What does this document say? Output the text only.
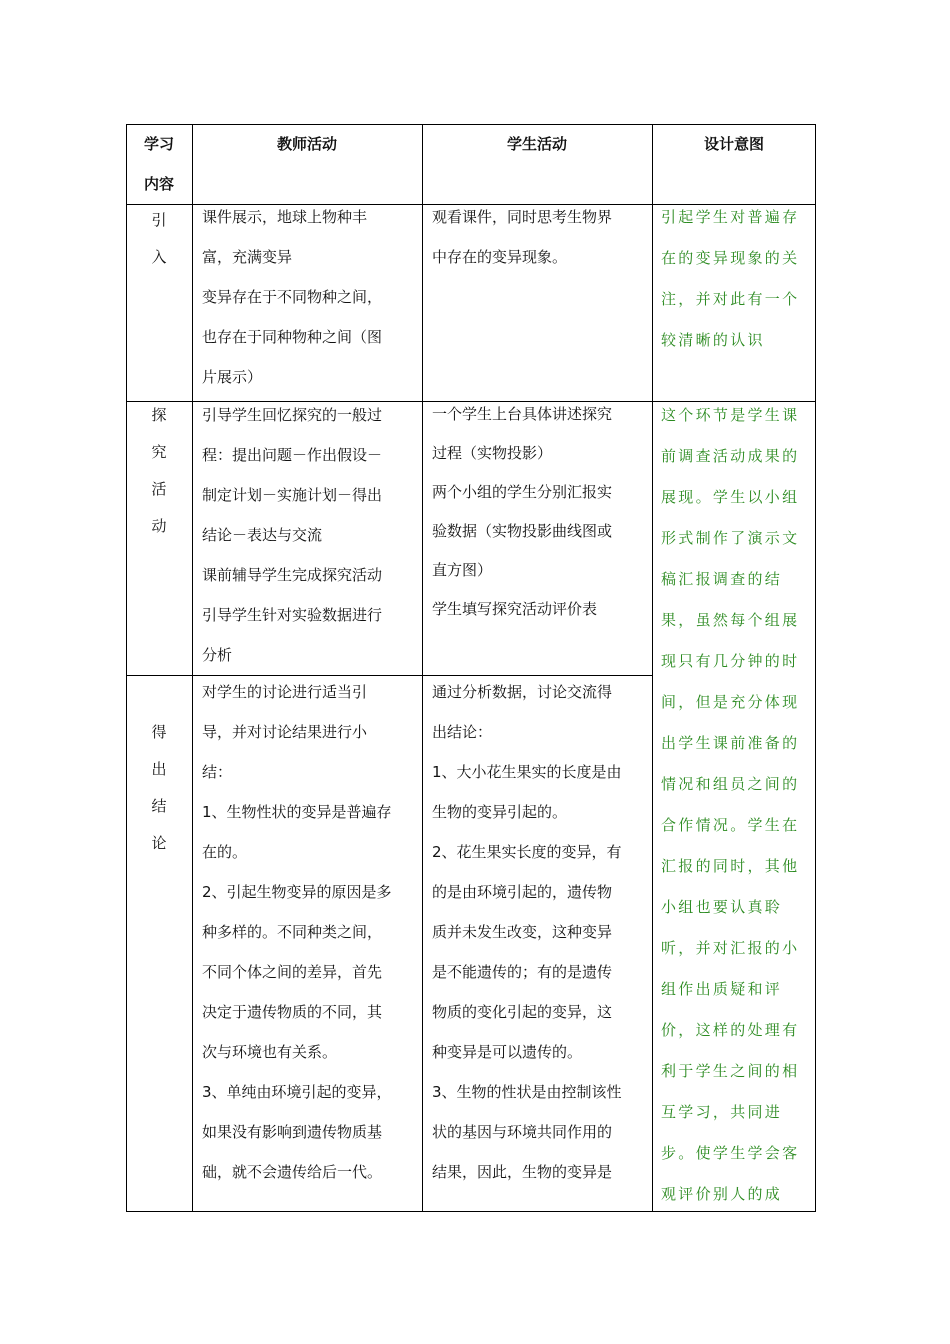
学习
内容
教师活动	学生活动	设计意图
引
入
课件展示，地球上物种丰
富，充满变异
变异存在于不同物种之间，
也存在于同种物种之间（图
片展示）
观看课件，同时思考生物界
中存在的变异现象。
引起学生对普遍存
在的变异现象的关
注，并对此有一个
较清晰的认识
探
究
活
动
引导学生回忆探究的一般过
程：提出问题－作出假设－
制定计划－实施计划－得出
结论－表达与交流
课前辅导学生完成探究活动
引导学生针对实验数据进行
分析
一个学生上台具体讲述探究
过程（实物投影）
两个小组的学生分别汇报实
验数据（实物投影曲线图或
直方图）
学生填写探究活动评价表
这个环节是学生课
前调查活动成果的
展现。学生以小组
形式制作了演示文
稿汇报调查的结
果，虽然每个组展
现只有几分钟的时
间，但是充分体现
出学生课前准备的
情况和组员之间的
合作情况。学生在
汇报的同时，其他
小组也要认真聆
听，并对汇报的小
组作出质疑和评
价，这样的处理有
利于学生之间的相
互学习，共同进
步。使学生学会客
观评价别人的成
得
出
结
论
对学生的讨论进行适当引
导，并对讨论结果进行小
结：
1、生物性状的变异是普遍存
在的。
2、引起生物变异的原因是多
种多样的。不同种类之间，
不同个体之间的差异，首先
决定于遗传物质的不同，其
次与环境也有关系。
3、单纯由环境引起的变异，
如果没有影响到遗传物质基
础，就不会遗传给后一代。
通过分析数据，讨论交流得
出结论：
1、大小花生果实的长度是由
生物的变异引起的。
2、花生果实长度的变异，有
的是由环境引起的，遗传物
质并未发生改变，这种变异
是不能遗传的；有的是遗传
物质的变化引起的变异，这
种变异是可以遗传的。
3、生物的性状是由控制该性
状的基因与环境共同作用的
结果，因此，生物的变异是
